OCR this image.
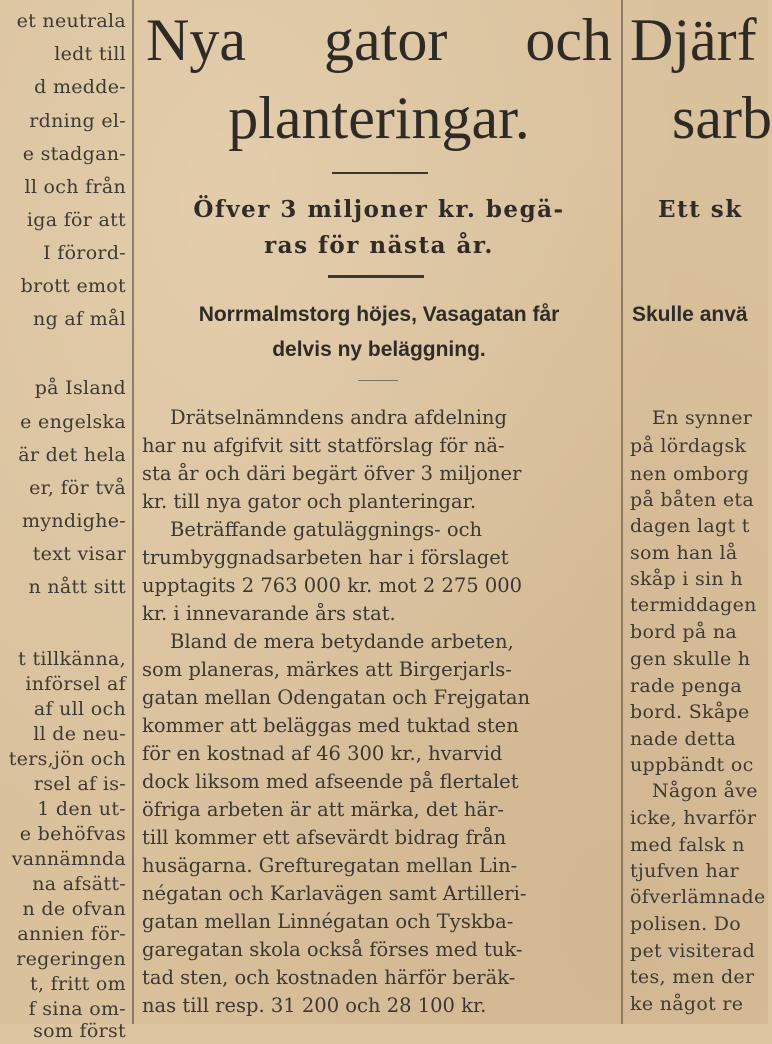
et neutrala
ledt till
d medde-
rdning el-
e stadgan-
ll och från
iga för att
I förord-
brott emot
ng af mål
på Island
e engelska
är det hela
er, för två
myndighe-
text visar
n nått sitt
t tillkänna,
införsel af
af ull och
ll de neu-
ters,jön och
rsel af is-
1 den ut-
e behöfvas
vannämnda
na afsätt-
n de ofvan
annien för-
regeringen
t, fritt om
f sina om-
som först
Nya gator och
planteringar.
Öfver 3 miljoner kr. begä-
ras för nästa år.
Norrmalmstorg höjes, Vasagatan får
delvis ny beläggning.
Drätselnämndens andra afdelning
har nu afgifvit sitt statförslag för nä-
sta år och däri begärt öfver 3 miljoner
kr. till nya gator och planteringar.
Beträffande gatuläggnings- och
trumbyggnadsarbeten har i förslaget
upptagits 2 763 000 kr. mot 2 275 000
kr. i innevarande års stat.
Bland de mera betydande arbeten,
som planeras, märkes att Birgerjarls-
gatan mellan Odengatan och Frejgatan
kommer att beläggas med tuktad sten
för en kostnad af 46 300 kr., hvarvid
dock liksom med afseende på flertalet
öfriga arbeten är att märka, det här-
till kommer ett afsevärdt bidrag från
husägarna. Grefturegatan mellan Lin-
négatan och Karlavägen samt Artilleri-
gatan mellan Linnégatan och Tyskba-
garegatan skola också förses med tuk-
tad sten, och kostnaden härför beräk-
nas till resp. 31 200 och 28 100 kr.
Djärf
sarb
Ett sk
Skulle anvä
En synner
på lördagsk
nen omborg
på båten eta
dagen lagt t
som han lå
skåp i sin h
termiddagen
bord på na
gen skulle h
rade penga
bord. Skåpe
nade detta
uppbändt oc
Någon åve
icke, hvarför
med falsk n
tjufven har
öfverlämnade
polisen. Do
pet visiterad
tes, men der
ke något re
